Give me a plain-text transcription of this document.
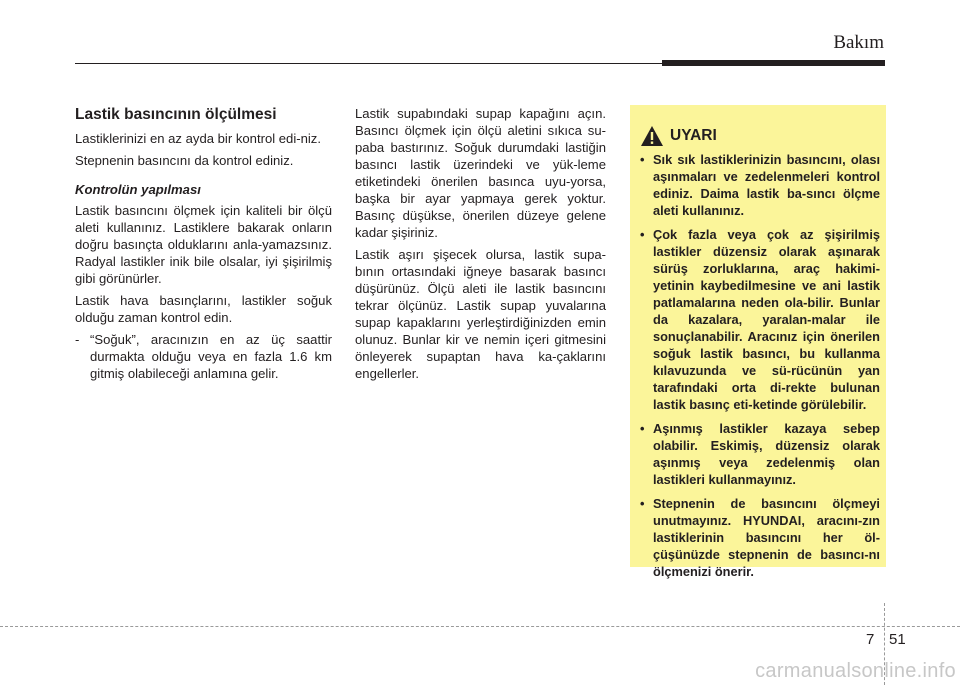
Bakım
Lastik basıncının ölçülmesi

Lastiklerinizi en az ayda bir kontrol edi-niz.

Stepnenin basıncını da kontrol ediniz.

Kontrolün yapılması

Lastik basıncını ölçmek için kaliteli bir ölçü aleti kullanınız. Lastiklere bakarak onların doğru basınçta olduklarını anla-yamazsınız. Radyal lastikler inik bile olsalar, iyi şişirilmiş gibi görünürler.

Lastik hava basınçlarını, lastikler soğuk olduğu zaman kontrol edin.

- “Soğuk”, aracınızın en az üç saattir durmakta olduğu veya en fazla 1.6 km gitmiş olabileceği anlamına gelir.

Lastik supabındaki supap kapağını açın. Basıncı ölçmek için ölçü aletini sıkıca su-paba bastırınız. Soğuk durumdaki lastiğin basıncı lastik üzerindeki ve yük-leme etiketindeki önerilen basınca uyu-yorsa, başka bir ayar yapmaya gerek yoktur. Basınç düşükse, önerilen düzeye gelene kadar şişiriniz.

Lastik aşırı şişecek olursa, lastik supa-bının ortasındaki iğneye basarak basıncı düşürünüz. Ölçü aleti ile lastik basıncını tekrar ölçünüz. Lastik supap yuvalarına supap kapaklarını yerleştirdiğinizden emin olunuz. Bunlar kir ve nemin içeri gitmesini önleyerek supaptan hava ka-çaklarını engellerler.

UYARI
• Sık sık lastiklerinizin basıncını, olası aşınmaları ve zedelenmeleri kontrol ediniz. Daima lastik ba-sıncı ölçme aleti kullanınız.
• Çok fazla veya çok az şişirilmiş lastikler düzensiz olarak aşınarak sürüş zorluklarına, araç hakimi-yetinin kaybedilmesine ve ani lastik patlamalarına neden ola-bilir. Bunlar da kazalara, yaralan-malar ile sonuçlanabilir. Aracınız için önerilen soğuk lastik basıncı, bu kullanma kılavuzunda ve sü-rücünün yan tarafındaki orta di-rekte bulunan lastik basınç eti-ketinde görülebilir.
• Aşınmış lastikler kazaya sebep olabilir. Eskimiş, düzensiz olarak aşınmış veya zedelenmiş olan lastikleri kullanmayınız.
• Stepnenin de basıncını ölçmeyi unutmayınız. HYUNDAI, aracını-zın lastiklerinin basıncını her öl-çüşünüzde stepnenin de basıncı-nı ölçmenizi önerir.
7 51
carmanualsonline.info
